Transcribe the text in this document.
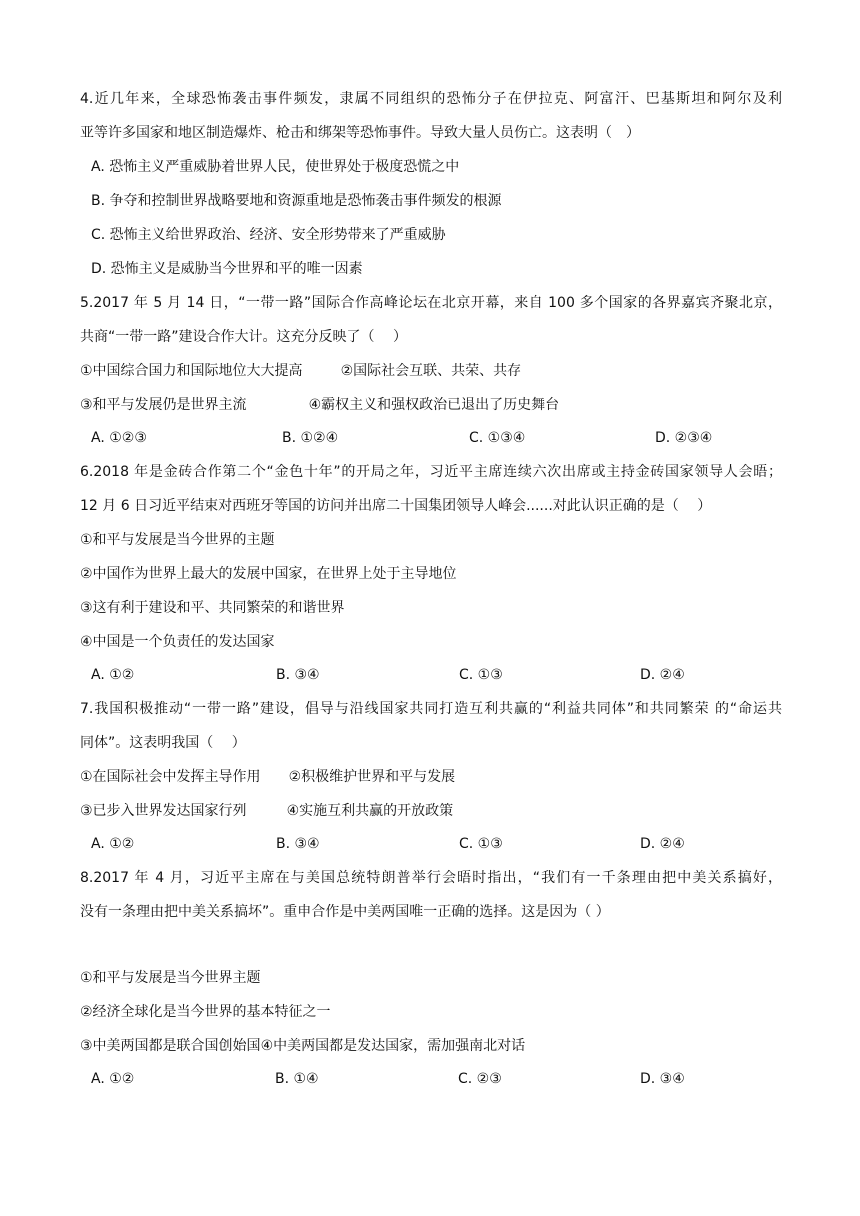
4.近几年来，全球恐怖袭击事件频发，隶属不同组织的恐怖分子在伊拉克、阿富汗、巴基斯坦和阿尔及利
亚等许多国家和地区制造爆炸、枪击和绑架等恐怖事件。导致大量人员伤亡。这表明（　）
A. 恐怖主义严重威胁着世界人民，使世界处于极度恐慌之中
B. 争夺和控制世界战略要地和资源重地是恐怖袭击事件频发的根源
C. 恐怖主义给世界政治、经济、安全形势带来了严重威胁
D. 恐怖主义是威胁当今世界和平的唯一因素
5.2017 年 5 月 14 日，“一带一路”国际合作高峰论坛在北京开幕，来自 100 多个国家的各界嘉宾齐聚北京，
共商“一带一路”建设合作大计。这充分反映了（　 ）
①中国综合国力和国际地位大大提高	②国际社会互联、共荣、共存
③和平与发展仍是世界主流	④霸权主义和强权政治已退出了历史舞台
A. ①②③	B. ①②④	C. ①③④	D. ②③④
6.2018 年是金砖合作第二个“金色十年”的开局之年，习近平主席连续六次出席或主持金砖国家领导人会晤；
12 月 6 日习近平结束对西班牙等国的访问并出席二十国集团领导人峰会......对此认识正确的是（　 ）
①和平与发展是当今世界的主题
②中国作为世界上最大的发展中国家，在世界上处于主导地位
③这有利于建设和平、共同繁荣的和谐世界
④中国是一个负责任的发达国家
A. ①②	B. ③④	C. ①③	D. ②④
7.我国积极推动“一带一路”建设，倡导与沿线国家共同打造互利共赢的“利益共同体”和共同繁荣 的“命运共
同体”。这表明我国（　 ）
①在国际社会中发挥主导作用 ②积极维护世界和平与发展
③已步入世界发达国家行列	④实施互利共赢的开放政策
A. ①②	B. ③④	C. ①③	D. ②④
8.2017 年 4 月，习近平主席在与美国总统特朗普举行会晤时指出，“我们有一千条理由把中美关系搞好，
没有一条理由把中美关系搞坏”。重申合作是中美两国唯一正确的选择。这是因为（ ）
①和平与发展是当今世界主题
②经济全球化是当今世界的基本特征之一
③中美两国都是联合国创始国④中美两国都是发达国家，需加强南北对话
A. ①②	B. ①④	C. ②③	D. ③④
